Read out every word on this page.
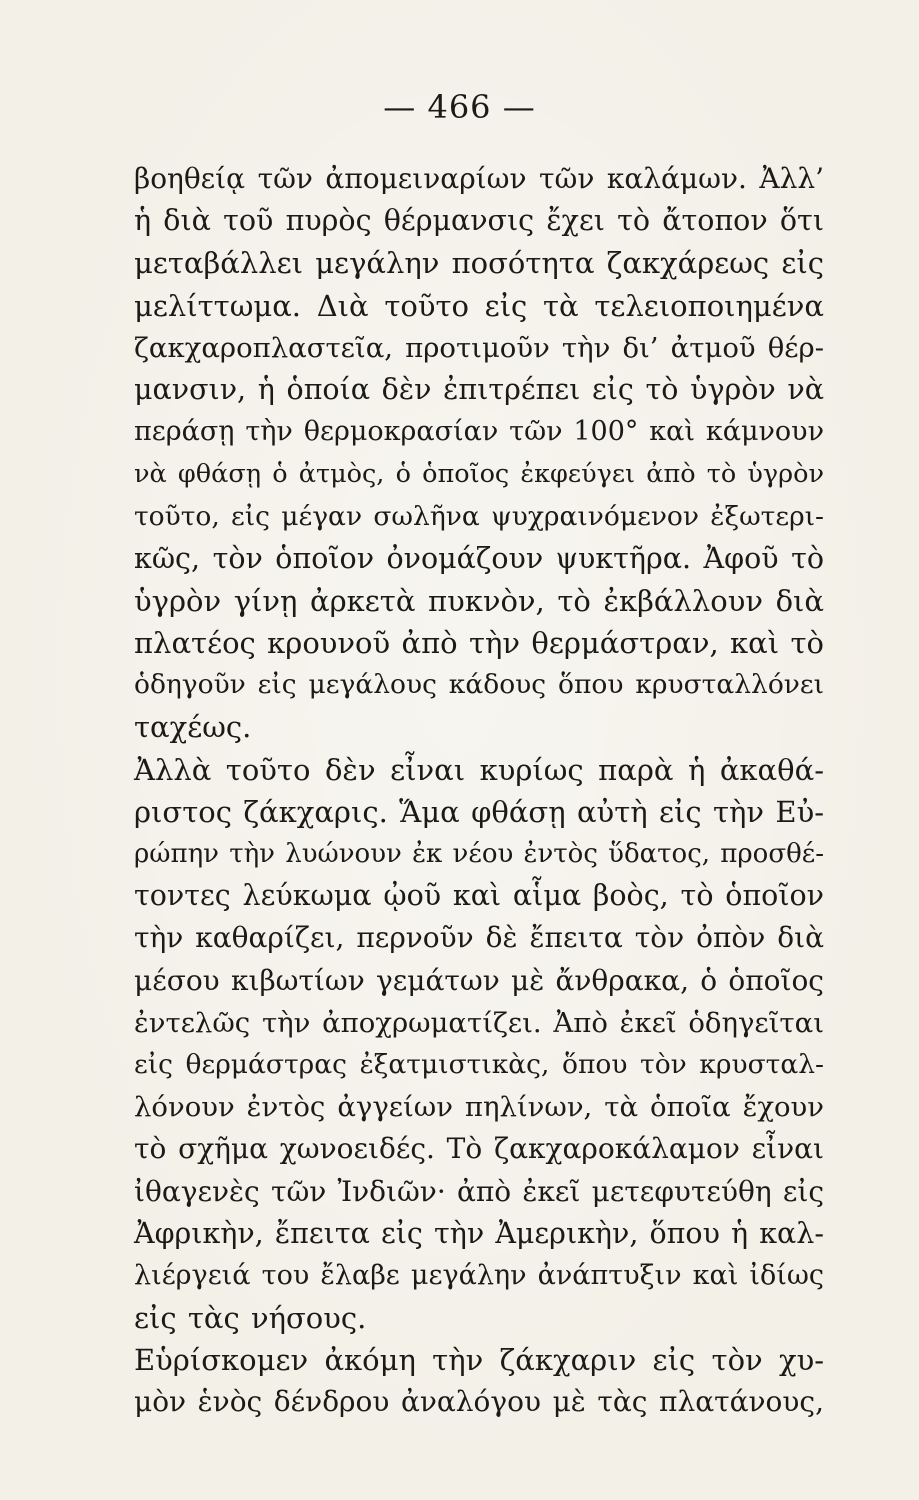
— 466 —
βοηθείᾳ τῶν ἀπομειναρίων τῶν καλάμων. Ἀλλ’
ἡ διὰ τοῦ πυρὸς θέρμανσις ἔχει τὸ ἄτοπον ὅτι
μεταβάλλει μεγάλην ποσότητα ζακχάρεως εἰς
μελίττωμα. Διὰ τοῦτο εἰς τὰ τελειοποιημένα
ζακχαροπλαστεῖα, προτιμοῦν τὴν δι’ ἀτμοῦ θέρ-
μανσιν, ἡ ὁποία δὲν ἐπιτρέπει εἰς τὸ ὑγρὸν νὰ
περάσῃ τὴν θερμοκρασίαν τῶν 100° καὶ κάμνουν
νὰ φθάσῃ ὁ ἀτμὸς, ὁ ὁποῖος ἐκφεύγει ἀπὸ τὸ ὑγρὸν
τοῦτο, εἰς μέγαν σωλῆνα ψυχραινόμενον ἐξωτερι-
κῶς, τὸν ὁποῖον ὀνομάζουν ψυκτῆρα. Ἀφοῦ τὸ
ὑγρὸν γίνῃ ἀρκετὰ πυκνὸν, τὸ ἐκβάλλουν διὰ
πλατέος κρουνοῦ ἀπὸ τὴν θερμάστραν, καὶ τὸ
ὁδηγοῦν εἰς μεγάλους κάδους ὅπου κρυσταλλόνει
ταχέως.
Ἀλλὰ τοῦτο δὲν εἶναι κυρίως παρὰ ἡ ἀκαθά-
ριστος ζάκχαρις. Ἅμα φθάσῃ αὐτὴ εἰς τὴν Εὐ-
ρώπην τὴν λυώνουν ἐκ νέου ἐντὸς ὕδατος, προσθέ-
τοντες λεύκωμα ᾠοῦ καὶ αἷμα βοὸς, τὸ ὁποῖον
τὴν καθαρίζει, περνοῦν δὲ ἔπειτα τὸν ὀπὸν διὰ
μέσου κιβωτίων γεμάτων μὲ ἄνθρακα, ὁ ὁποῖος
ἐντελῶς τὴν ἀποχρωματίζει. Ἀπὸ ἐκεῖ ὁδηγεῖται
εἰς θερμάστρας ἐξατμιστικὰς, ὅπου τὸν κρυσταλ-
λόνουν ἐντὸς ἀγγείων πηλίνων, τὰ ὁποῖα ἔχουν
τὸ σχῆμα χωνοειδές. Τὸ ζακχαροκάλαμον εἶναι
ἰθαγενὲς τῶν Ἰνδιῶν· ἀπὸ ἐκεῖ μετεφυτεύθη εἰς
Ἀφρικὴν, ἔπειτα εἰς τὴν Ἀμερικὴν, ὅπου ἡ καλ-
λιέργειά του ἔλαβε μεγάλην ἀνάπτυξιν καὶ ἰδίως
εἰς τὰς νήσους.
Εὑρίσκομεν ἀκόμη τὴν ζάκχαριν εἰς τὸν χυ-
μὸν ἑνὸς δένδρου ἀναλόγου μὲ τὰς πλατάνους,
